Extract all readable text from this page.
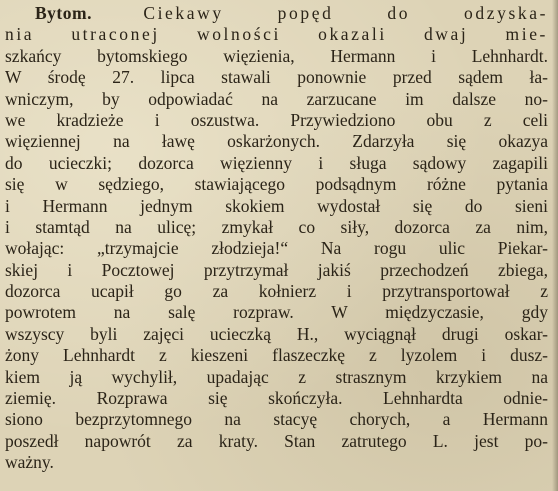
Bytom.	Ciekawy popęd do odzyska-
nia utraconej wolności okazali dwaj mie-
szkańcy bytomskiego więzienia, Hermann i Lehnhardt.
W środę 27. lipca stawali ponownie przed sądem ła-
wniczym, by odpowiadać na zarzucane im dalsze no-
we kradzieże i oszustwa. Przywiedziono obu z celi
więziennej na ławę oskarżonych. Zdarzyła się okazya
do ucieczki; dozorca więzienny i sługa sądowy zagapili
się w sędziego, stawiającego podsądnym różne pytania
i Hermann jednym skokiem wydostał się do sieni
i stamtąd na ulicę; zmykał co siły, dozorca za nim,
wołając: „trzymajcie złodzieja!“ Na rogu ulic Piekar-
skiej i Pocztowej przytrzymał jakiś przechodzeń zbiega,
dozorca ucapił go za kołnierz i przytransportował z
powrotem na salę rozpraw. W międzyczasie, gdy
wszyscy byli zajęci ucieczką H., wyciągnął drugi oskar-
żony Lehnhardt z kieszeni flaszeczkę z lyzolem i dusz-
kiem ją wychylił, upadając z strasznym krzykiem na
ziemię. Rozprawa się skończyła. Lehnhardta odnie-
siono bezprzytomnego na stacyę chorych, a Hermann
poszedł napowrót za kraty. Stan zatrutego L. jest po-
ważny.
